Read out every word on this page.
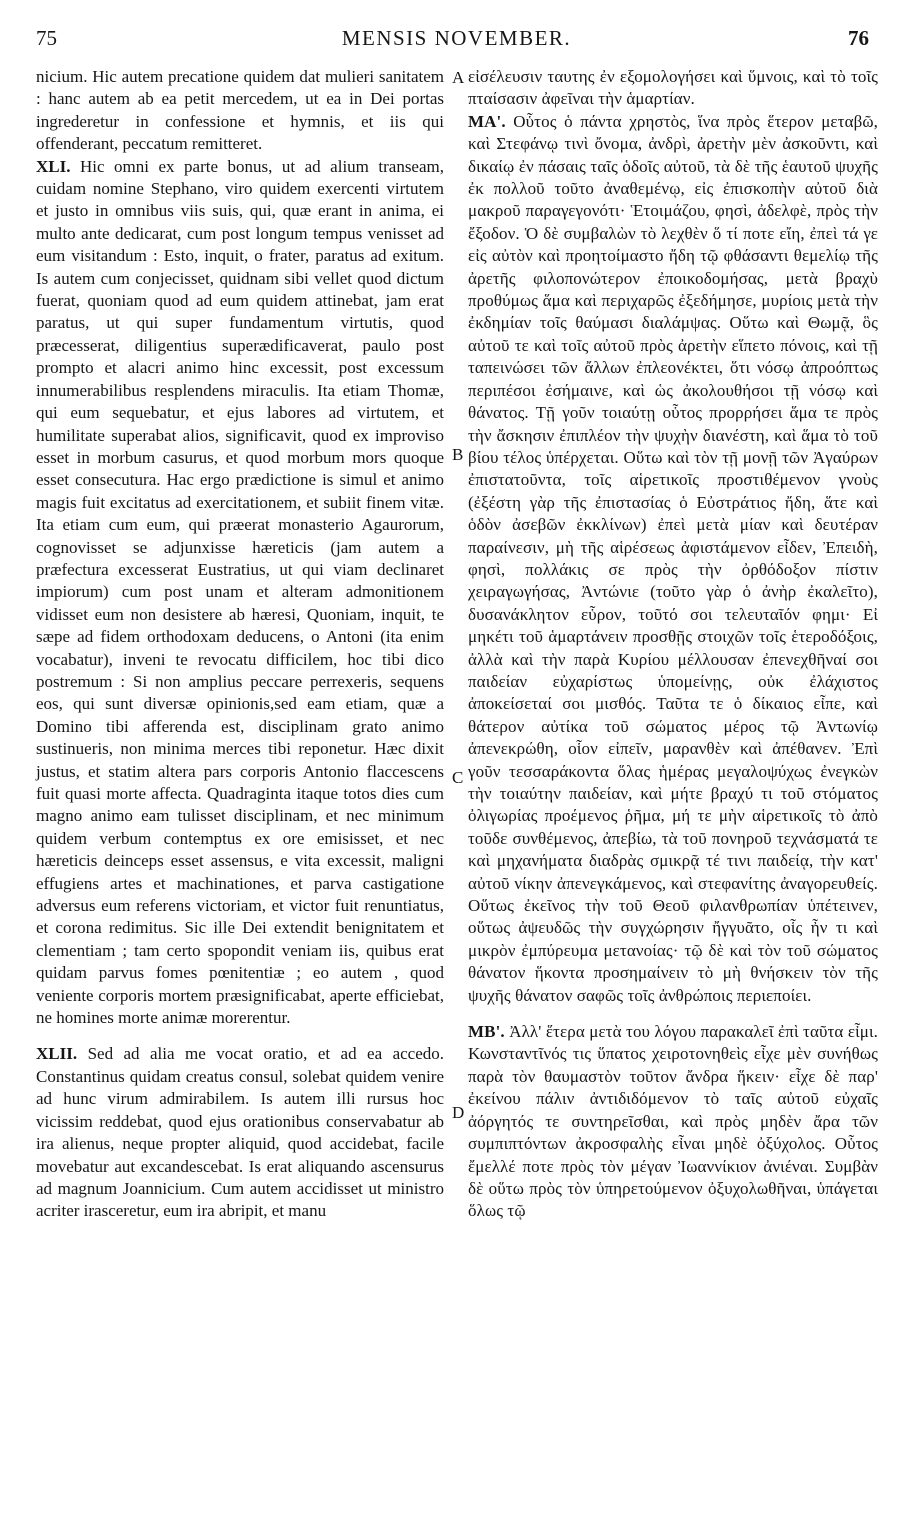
75	MENSIS NOVEMBER.	76

nicium. Hic autem precatione quidem dat mulieri sanitatem : hanc autem ab ea petit mercedem, ut ea in Dei portas ingrederetur in confessione et hymnis, et iis qui offenderant, peccatum remitteret.

XLI. Hic omni ex parte bonus, ut ad alium transeam, cuidam nomine Stephano, viro quidem exercenti virtutem et justo in omnibus viis suis, qui, quæ erant in anima, ei multo ante dedicarat, cum post longum tempus venisset ad eum visitandum : Esto, inquit, o frater, paratus ad exitum. Is autem cum conjecisset, quidnam sibi vellet quod dictum fuerat, quoniam quod ad eum quidem attinebat, jam erat paratus, ut qui super fundamentum virtutis, quod præcesserat, diligentius superædificaverat, paulo post prompto et alacri animo hinc excessit, post excessum innumerabilibus resplendens miraculis. Ita etiam Thomæ, qui eum sequebatur, et ejus labores ad virtutem, et humilitate superabat alios, significavit, quod ex improviso esset in morbum casurus, et quod morbum mors quoque esset consecutura. Hac ergo prædictione is simul et animo magis fuit excitatus ad exercitationem, et subiit finem vitæ. Ita etiam cum eum, qui præerat monasterio Agaurorum, cognovisset se adjunxisse hæreticis (jam autem a præfectura excesserat Eustratius, ut qui viam declinaret impiorum) cum post unam et alteram admonitionem vidisset eum non desistere ab hæresi, Quoniam, inquit, te sæpe ad fidem orthodoxam deducens, o Antoni (ita enim vocabatur), inveni te revocatu difficilem, hoc tibi dico postremum : Si non amplius peccare perrexeris, sequens eos, qui sunt diversæ opinionis,sed eam etiam, quæ a Domino tibi afferenda est, disciplinam grato animo sustinueris, non minima merces tibi reponetur. Hæc dixit justus, et statim altera pars corporis Antonio flaccescens fuit quasi morte affecta. Quadraginta itaque totos dies cum magno animo eam tulisset disciplinam, et nec minimum quidem verbum contemptus ex ore emisisset, et nec hæreticis deinceps esset assensus, e vita excessit, maligni effugiens artes et machinationes, et parva castigatione adversus eum referens victoriam, et victor fuit renuntiatus, et corona redimitus. Sic ille Dei extendit benignitatem et clementiam ; tam certo spopondit veniam iis, quibus erat quidam parvus fomes pœnitentiæ ; eo autem , quod veniente corporis mortem præsignificabat, aperte efficiebat, ne homines morte animæ morerentur.

XLII. Sed ad alia me vocat oratio, et ad ea accedo. Constantinus quidam creatus consul, solebat quidem venire ad hunc virum admirabilem. Is autem illi rursus hoc vicissim reddebat, quod ejus orationibus conservabatur ab ira alienus, neque propter aliquid, quod accidebat, facile movebatur aut excandescebat. Is erat aliquando ascensurus ad magnum Joannicium. Cum autem accidisset ut ministro acriter irasceretur, eum ira abripit, et manu

εἰσέλευσιν ταυτης ἐν εξομολογήσει καὶ ὕμνοις, καὶ τὸ τοῖς πταίσασιν ἀφεῖναι τὴν ἁμαρτίαν.

ΜΑ'. Οὗτος ὁ πάντα χρηστὸς, ἵνα πρὸς ἕτερον μεταβῶ, καὶ Στεφάνῳ τινὶ ὄνομα, ἀνδρὶ, ἀρετὴν μὲν ἀσκοῦντι, καὶ δικαίῳ ἐν πάσαις ταῖς ὁδοῖς αὐτοῦ, τὰ δὲ τῆς ἑαυτοῦ ψυχῆς ἐκ πολλοῦ τοῦτο ἀναθεμένῳ, εἰς ἐπισκοπὴν αὐτοῦ διὰ μακροῦ παραγεγονότι· Ἑτοιμάζου, φησὶ, ἀδελφὲ, πρὸς τὴν ἔξοδον. Ὁ δὲ συμβαλὼν τὸ λεχθὲν ὅ τί ποτε εἴη, ἐπεὶ τά γε εἰς αὐτὸν καὶ προητοίμαστο ἤδη τῷ φθάσαντι θεμελίῳ τῆς ἀρετῆς φιλοπονώτερον ἐποικοδομήσας, μετὰ βραχὺ προθύμως ἅμα καὶ περιχαρῶς ἐξεδήμησε, μυρίοις μετὰ τὴν ἐκδημίαν τοῖς θαύμασι διαλάμψας. Οὕτω καὶ Θωμᾷ, ὃς αὐτοῦ τε καὶ τοῖς αὐτοῦ πρὸς ἀρετὴν εἵπετο πόνοις, καὶ τῇ ταπεινώσει τῶν ἄλλων ἐπλεονέκτει, ὅτι νόσῳ ἀπροόπτως περιπέσοι ἐσήμαινε, καὶ ὡς ἀκολουθήσοι τῇ νόσῳ καὶ θάνατος. Τῇ γοῦν τοιαύτῃ οὗτος προρρήσει ἅμα τε πρὸς τὴν ἄσκησιν ἐπιπλέον τὴν ψυχὴν διανέστη, καὶ ἅμα τὸ τοῦ βίου τέλος ὑπέρχεται. Οὕτω καὶ τὸν τῇ μονῇ τῶν Ἀγαύρων ἐπιστατοῦντα, τοῖς αἱρετικοῖς προστιθέμενον γνοὺς (ἐξέστη γὰρ τῆς ἐπιστασίας ὁ Εὐστράτιος ἤδη, ἅτε καὶ ὁδὸν ἀσεβῶν ἐκκλίνων) ἐπεὶ μετὰ μίαν καὶ δευτέραν παραίνεσιν, μὴ τῆς αἱρέσεως ἀφιστάμενον εἶδεν, Ἐπειδὴ, φησὶ, πολλάκις σε πρὸς τὴν ὀρθόδοξον πίστιν χειραγωγήσας, Ἀντώνιε (τοῦτο γὰρ ὁ ἀνὴρ ἐκαλεῖτο), δυσανάκλητον εὗρον, τοῦτό σοι τελευταῖόν φημι· Εἰ μηκέτι τοῦ ἁμαρτάνειν προσθῇς στοιχῶν τοῖς ἑτεροδόξοις, ἀλλὰ καὶ τὴν παρὰ Κυρίου μέλλουσαν ἐπενεχθῆναί σοι παιδείαν εὐχαρίστως ὑπομείνῃς, οὐκ ἐλάχιστος ἀποκείσεταί σοι μισθός. Ταῦτα τε ὁ δίκαιος εἶπε, καὶ θάτερον αὐτίκα τοῦ σώματος μέρος τῷ Ἀντωνίῳ ἀπενεκρώθη, οἷον εἰπεῖν, μαρανθὲν καὶ ἀπέθανεν. Ἐπὶ γοῦν τεσσαράκοντα ὅλας ἡμέρας μεγαλοψύχως ἐνεγκὼν τὴν τοιαύτην παιδείαν, καὶ μήτε βραχύ τι τοῦ στόματος ὀλιγωρίας προέμενος ῥῆμα, μή τε μὴν αἱρετικοῖς τὸ ἀπὸ τοῦδε συνθέμενος, ἀπεβίω, τὰ τοῦ πονηροῦ τεχνάσματά τε καὶ μηχανήματα διαδρὰς σμικρᾷ τέ τινι παιδείᾳ, τὴν κατ' αὐτοῦ νίκην ἀπενεγκάμενος, καὶ στεφανίτης ἀναγορευθείς. Οὕτως ἐκεῖνος τὴν τοῦ Θεοῦ φιλανθρωπίαν ὑπέτεινεν, οὕτως ἀψευδῶς τὴν συγχώρησιν ἤγγυᾶτο, οἷς ἦν τι καὶ μικρὸν ἐμπύρευμα μετανοίας· τῷ δὲ καὶ τὸν τοῦ σώματος θάνατον ἥκοντα προσημαίνειν τὸ μὴ θνήσκειν τὸν τῆς ψυχῆς θάνατον σαφῶς τοῖς ἀνθρώποις περιεποίει.

ΜΒ'. Ἀλλ' ἕτερα μετὰ του λόγου παρακαλεῖ ἐπὶ ταῦτα εἶμι. Κωνσταντῖνός τις ὕπατος χειροτονηθεὶς εἶχε μὲν συνήθως παρὰ τὸν θαυμαστὸν τοῦτον ἄνδρα ἥκειν· εἶχε δὲ παρ' ἐκείνου πάλιν ἀντιδιδόμενον τὸ ταῖς αὐτοῦ εὐχαῖς ἀόργητός τε συντηρεῖσθαι, καὶ πρὸς μηδὲν ἄρα τῶν συμπιπτόντων ἀκροσφαλὴς εἶναι μηδὲ ὀξύχολος. Οὗτος ἔμελλέ ποτε πρὸς τὸν μέγαν Ἰωαννίκιον ἀνιέναι. Συμβὰν δὲ οὕτω πρὸς τὸν ὑπηρετούμενον ὀξυχολωθῆναι, ὑπάγεται ὅλως τῷ

A
B
C
D
